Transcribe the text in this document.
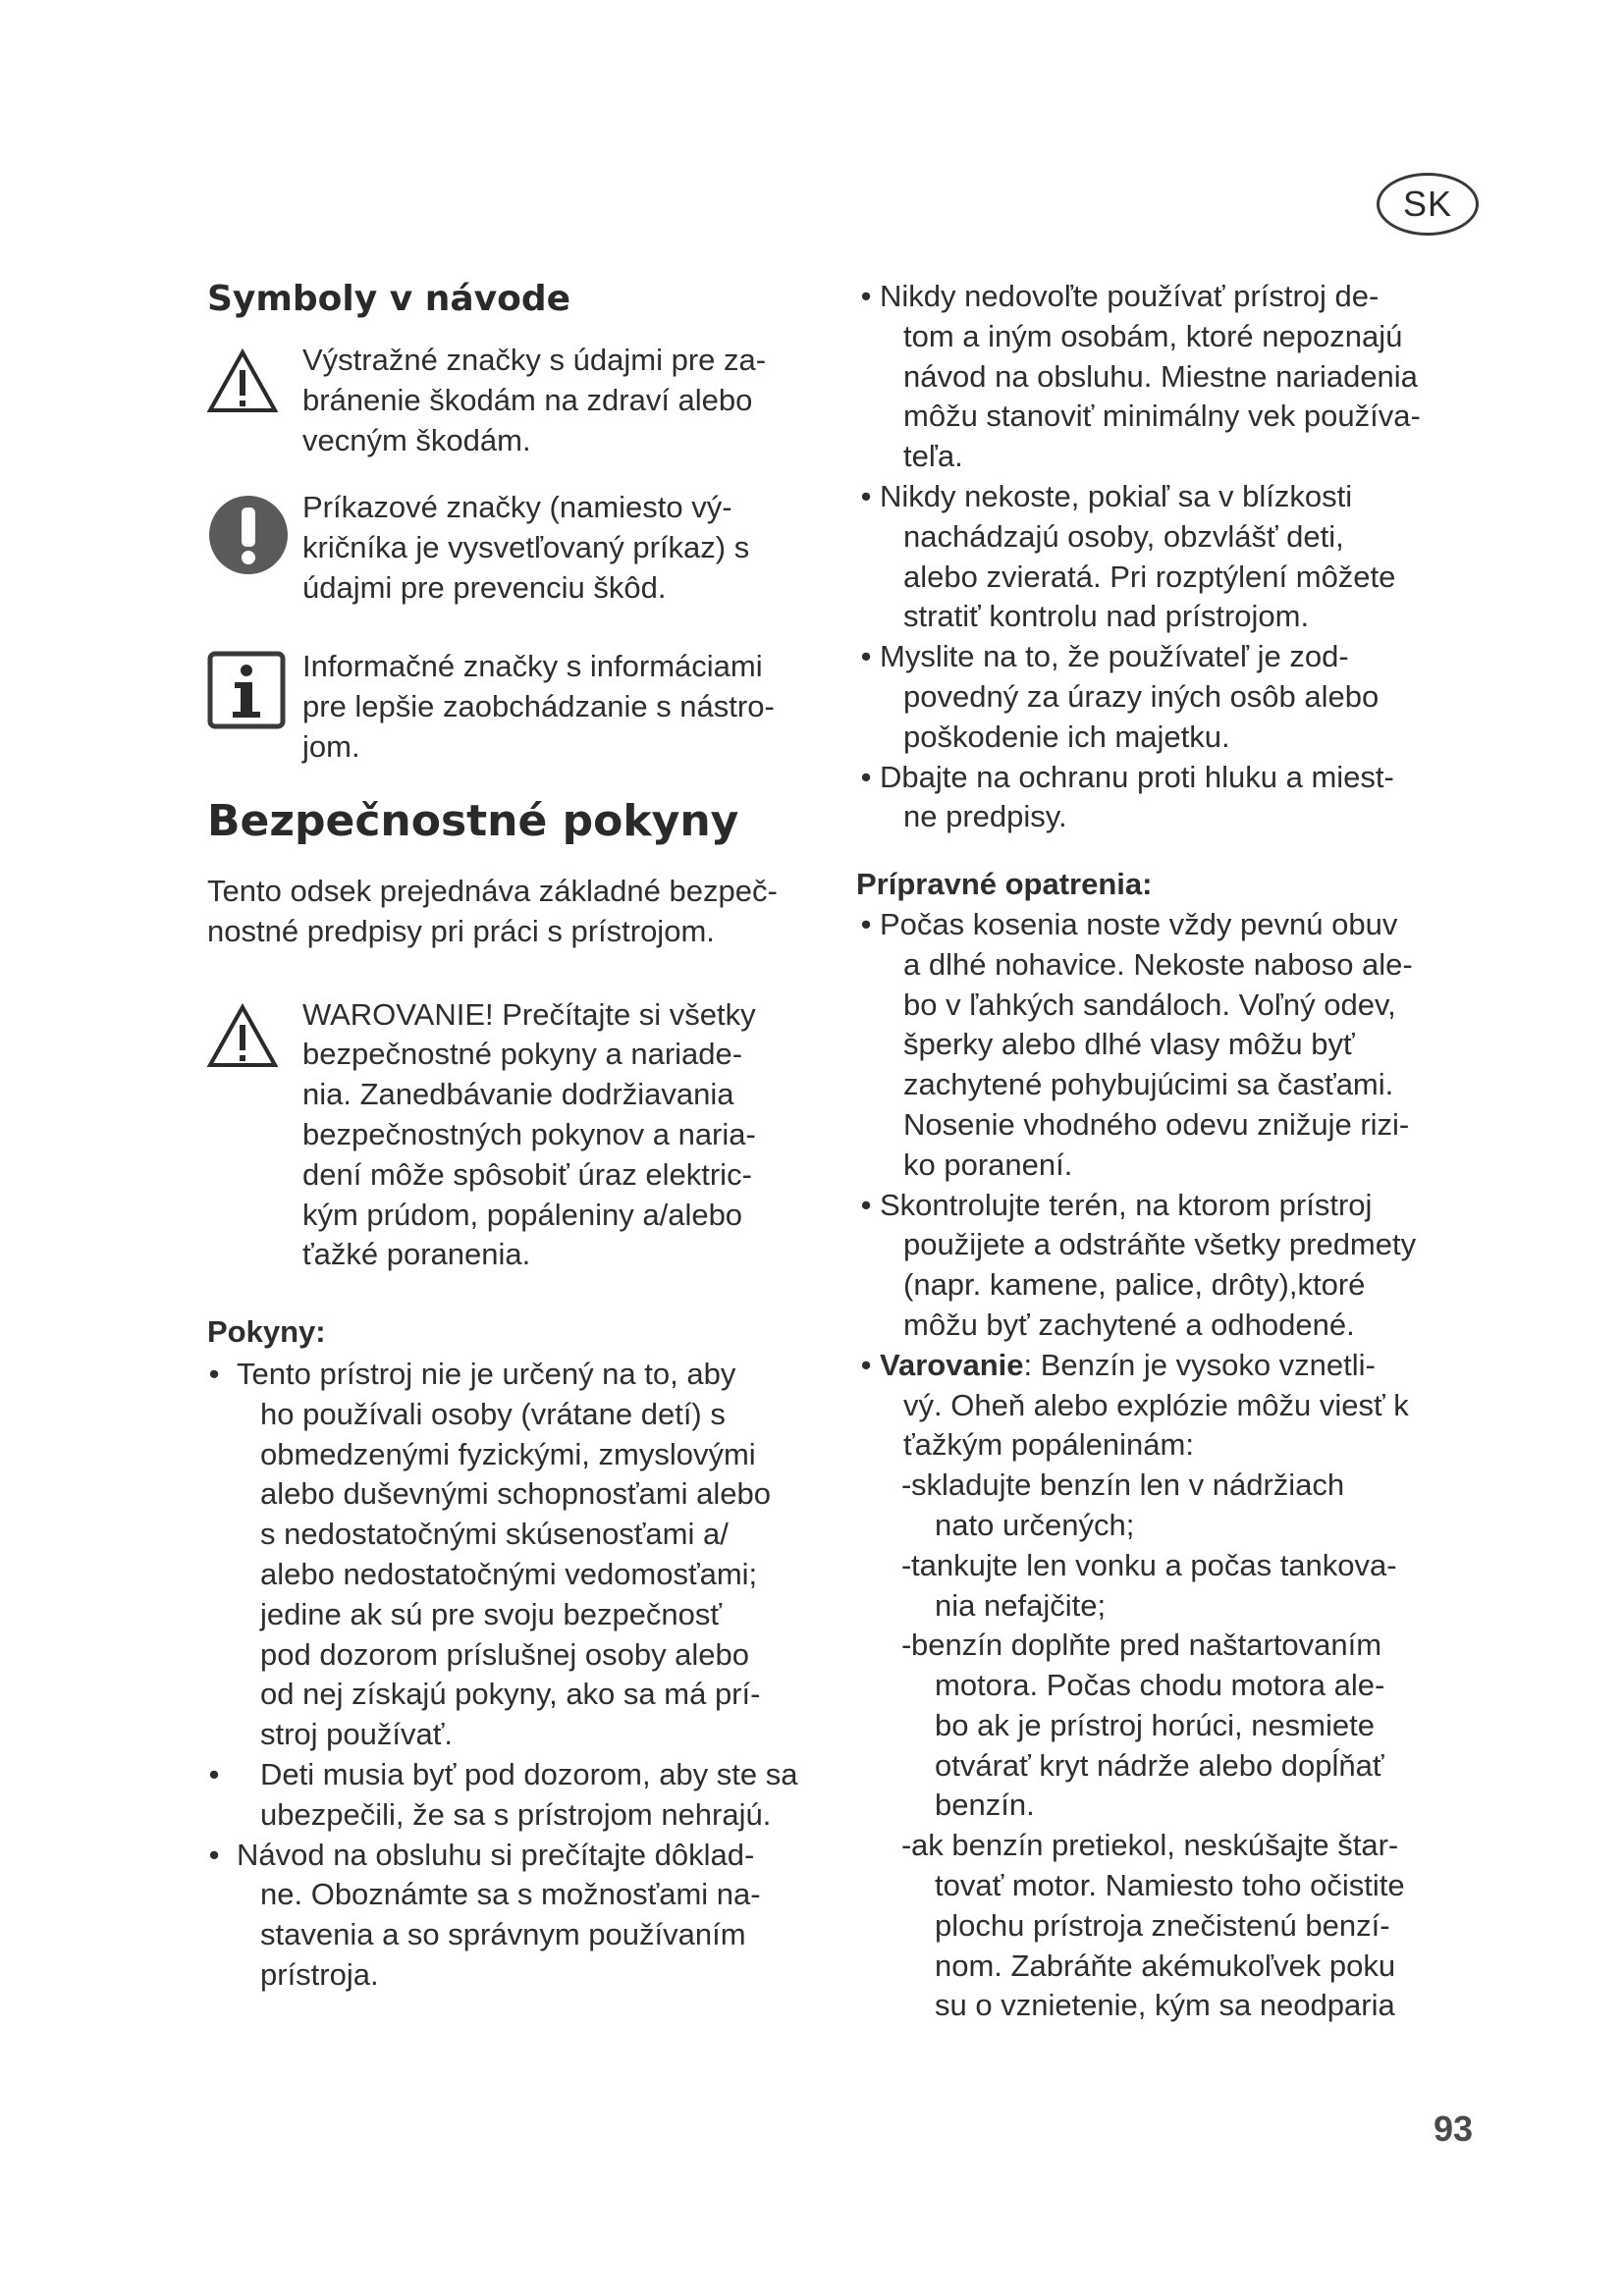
SK
Symboly v návode
Výstražné značky s údajmi pre za-
bránenie škodám na zdraví alebo
vecným škodám.
Príkazové značky (namiesto vý-
kričníka je vysvetľovaný príkaz) s
údajmi pre prevenciu škôd.
Informačné značky s informáciami
pre lepšie zaobchádzanie s nástro-
jom.
Bezpečnostné pokyny
Tento odsek prejednáva základné bezpeč-
nostné predpisy pri práci s prístrojom.
WAROVANIE! Prečítajte si všetky
bezpečnostné pokyny a nariade-
nia. Zanedbávanie dodržiavania
bezpečnostných pokynov a naria-
dení môže spôsobiť úraz elektric-
kým prúdom, popáleniny a/alebo
ťažké poranenia.
Pokyny:
• Tento prístroj nie je určený na to, aby
ho používali osoby (vrátane detí) s
obmedzenými fyzickými, zmyslovými
alebo duševnými schopnosťami alebo
s nedostatočnými skúsenosťami a/
alebo nedostatočnými vedomosťami;
jedine ak sú pre svoju bezpečnosť
pod dozorom príslušnej osoby alebo
od nej získajú pokyny, ako sa má prí-
stroj používať.
• Deti musia byť pod dozorom, aby ste sa
ubezpečili, že sa s prístrojom nehrajú.
• Návod na obsluhu si prečítajte dôklad-
ne. Oboznámte sa s možnosťami na-
stavenia a so správnym používaním
prístroja.
• Nikdy nedovoľte používať prístroj de-
tom a iným osobám, ktoré nepoznajú
návod na obsluhu. Miestne nariadenia
môžu stanoviť minimálny vek používa-
teľa.
• Nikdy nekoste, pokiaľ sa v blízkosti
nachádzajú osoby, obzvlášť deti,
alebo zvieratá. Pri rozptýlení môžete
stratiť kontrolu nad prístrojom.
• Myslite na to, že používateľ je zod-
povedný za úrazy iných osôb alebo
poškodenie ich majetku.
• Dbajte na ochranu proti hluku a miest-
ne predpisy.
Prípravné opatrenia:
• Počas kosenia noste vždy pevnú obuv
a dlhé nohavice. Nekoste naboso ale-
bo v ľahkých sandáloch. Voľný odev,
šperky alebo dlhé vlasy môžu byť
zachytené pohybujúcimi sa časťami.
Nosenie vhodného odevu znižuje rizi-
ko poranení.
• Skontrolujte terén, na ktorom prístroj
použijete a odstráňte všetky predmety
(napr. kamene, palice, drôty),ktoré
môžu byť zachytené a odhodené.
• Varovanie: Benzín je vysoko vznetli-
vý. Oheň alebo explózie môžu viesť k
ťažkým popáleninám:
- skladujte benzín len v nádržiach
nato určených;
- tankujte len vonku a počas tankova-
nia nefajčite;
- benzín doplňte pred naštartovaním
motora. Počas chodu motora ale-
bo ak je prístroj horúci, nesmiete
otvárať kryt nádrže alebo dopĺňať
benzín.
- ak benzín pretiekol, neskúšajte štar-
tovať motor. Namiesto toho očistite
plochu prístroja znečistenú benzí-
nom. Zabráňte akémukoľvek poku
su o vznietenie, kým sa neodparia
93
